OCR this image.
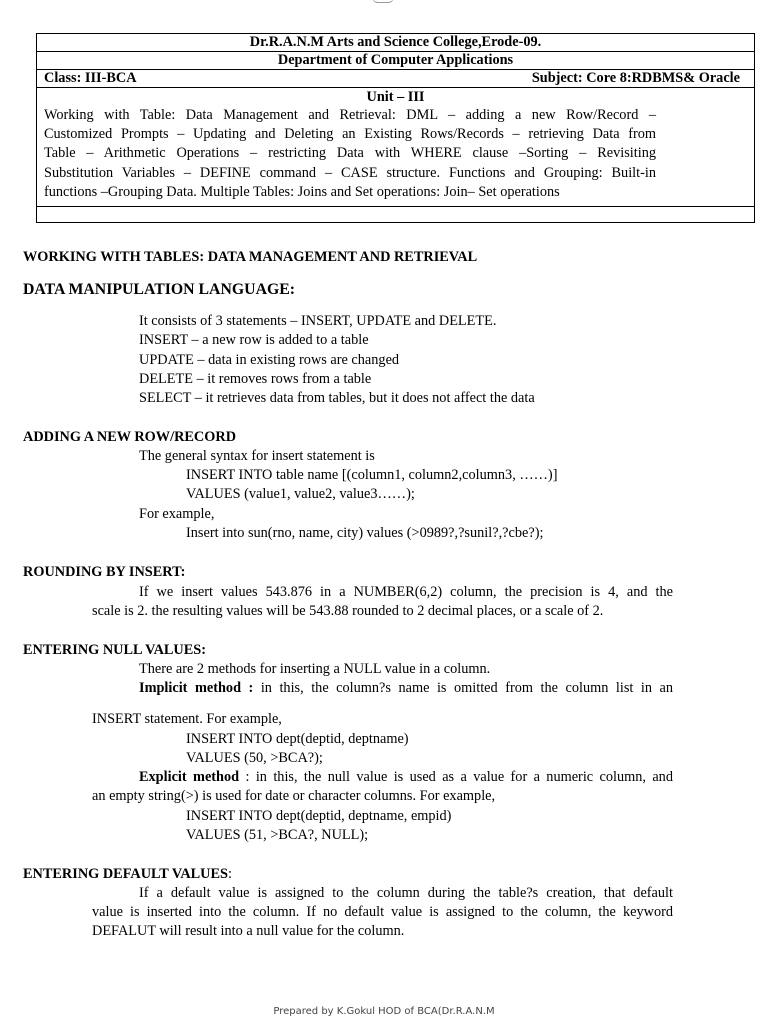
Dr.R.A.N.M Arts and Science College,Erode-09.
Department of Computer Applications
Class: III-BCA	Subject: Core 8:RDBMS& Oracle
Unit – III
Working with Table: Data Management and Retrieval: DML – adding a new Row/Record –
Customized Prompts – Updating and Deleting an Existing Rows/Records – retrieving Data from
Table – Arithmetic Operations – restricting Data with WHERE clause –Sorting – Revisiting
Substitution Variables – DEFINE command – CASE structure. Functions and Grouping: Built-in
functions –Grouping Data. Multiple Tables: Joins and Set operations: Join– Set operations
WORKING WITH TABLES: DATA MANAGEMENT AND RETRIEVAL
DATA MANIPULATION LANGUAGE:
It consists of 3 statements – INSERT, UPDATE and DELETE.
INSERT – a new row is added to a table
UPDATE – data in existing rows are changed
DELETE – it removes rows from a table
SELECT – it retrieves data from tables, but it does not affect the data
ADDING A NEW ROW/RECORD
The general syntax for insert statement is
INSERT INTO table name [(column1, column2,column3, ……)]
VALUES (value1, value2, value3……);
For example,
Insert into sun(rno, name, city) values (>0989?,?sunil?,?cbe?);
ROUNDING BY INSERT:
If we insert values 543.876 in a NUMBER(6,2) column, the precision is 4, and the
scale is 2. the resulting values will be 543.88 rounded to 2 decimal places, or a scale of 2.
ENTERING NULL VALUES:
There are 2 methods for inserting a NULL value in a column.
Implicit method : in this, the column?s name is omitted from the column list in an
INSERT statement. For example,
INSERT INTO dept(deptid, deptname)
VALUES (50, >BCA?);
Explicit method : in this, the null value is used as a value for a numeric column, and
an empty string(>) is used for date or character columns. For example,
INSERT INTO dept(deptid, deptname, empid)
VALUES (51, >BCA?, NULL);
ENTERING DEFAULT VALUES:
If a default value is assigned to the column during the table?s creation, that default
value is inserted into the column. If no default value is assigned to the column, the keyword
DEFALUT will result into a null value for the column.
Prepared by K.Gokul HOD of BCA(Dr.R.A.N.M
